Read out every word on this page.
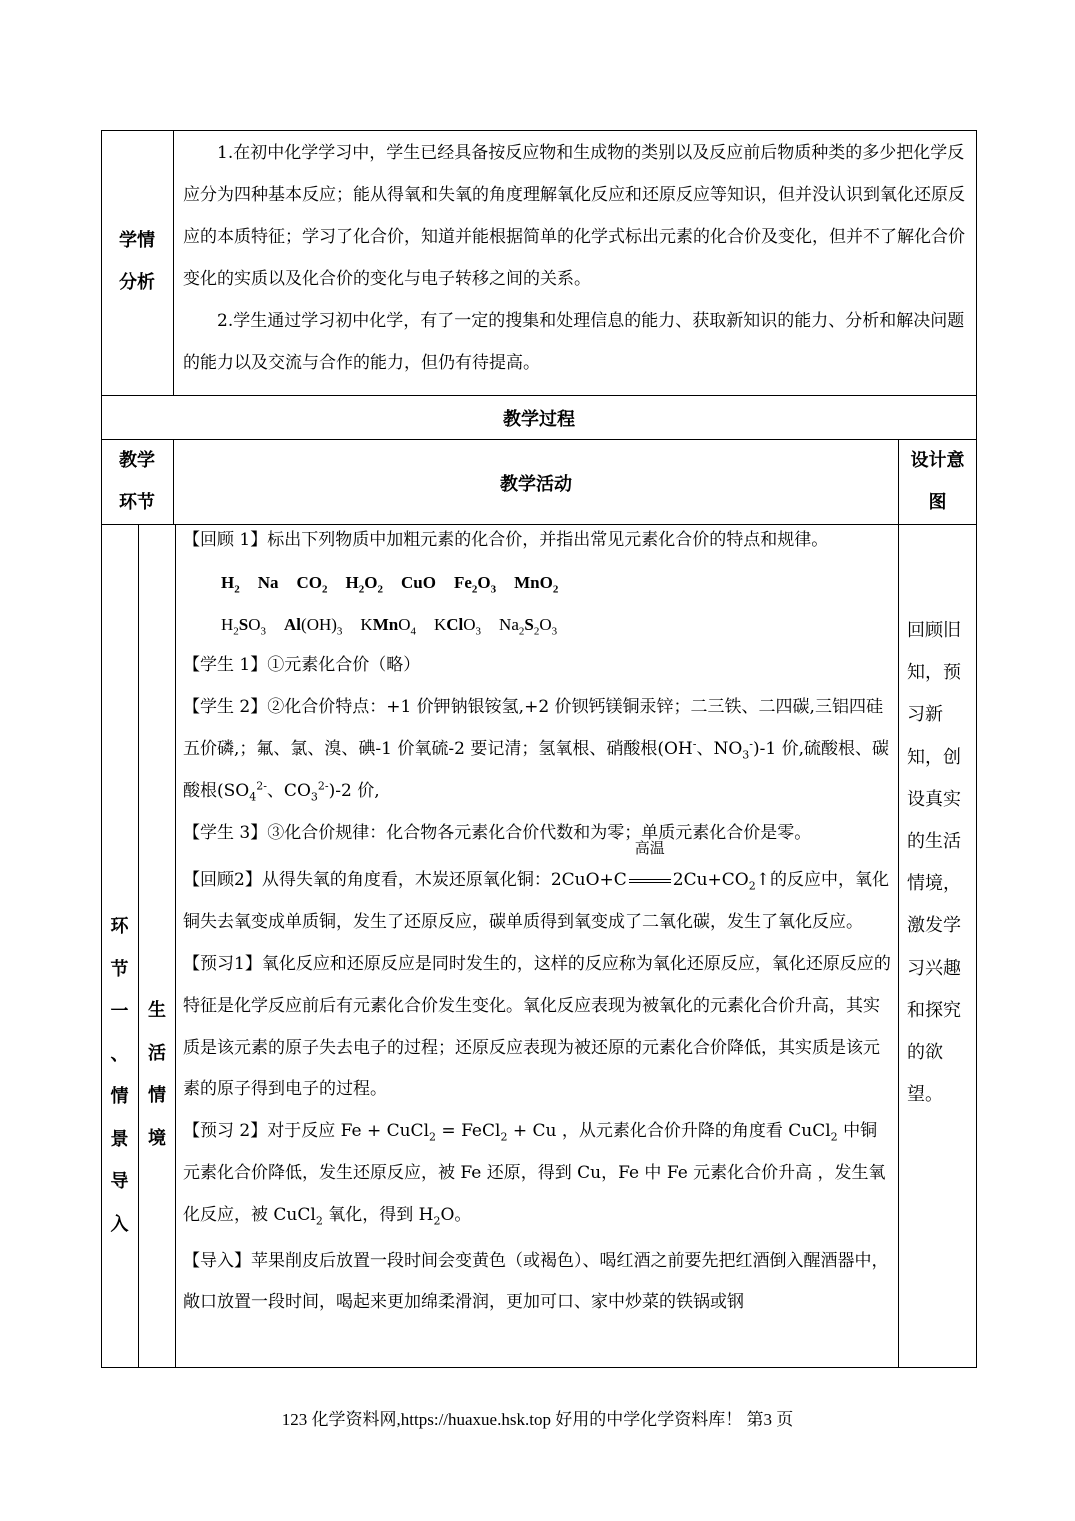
学情
分析

1.在初中化学学习中，学生已经具备按反应物和生成物的类别以及反应前后物质种类的多少把化学反应分为四种基本反应；能从得氧和失氧的角度理解氧化反应和还原反应等知识，但并没认识到氧化还原反应的本质特征；学习了化合价，知道并能根据简单的化学式标出元素的化合价及变化，但并不了解化合价变化的实质以及化合价的变化与电子转移之间的关系。

2.学生通过学习初中化学，有了一定的搜集和处理信息的能力、获取新知识的能力、分析和解决问题的能力以及交流与合作的能力，但仍有待提高。

教学过程
教学
环节
教学活动
设计意
图
环
节
一
、
情
景
导
入
生
活
情
境
回顾旧知，预习新知，创设真实的生活情境，激发学习兴趣和探究的欲望。

【回顾 1】标出下列物质中加粗元素的化合价，并指出常见元素化合价的特点和规律。

$H_2$ Na $CO_2$ $H_2O_2$ CuO $Fe_2O_3$ MnO$_2$

$H_2SO_3$ $Al(OH)_3$ KMnO$_4$ KClO$_3$ $Na_2S_2O_3$

【学生 1】①元素化合价（略）

【学生 2】②化合价特点：+1 价钾钠银铵氢,+2 价钡钙镁铜汞锌；二三铁、二四碳,三铝四硅五价磷,；氟、氯、溴、碘-1 价氧硫-2 要记清；氢氧根、硝酸根(OH-、$NO_3^-)-1$ 价,硫酸根、碳酸根($SO_4^{2-}$、$CO_3^{2-})-2$ 价,

【学生 3】③化合价规律：化合物各元素化合价代数和为零；单质元素化合价是零。

【回顾2】从得失氧的角度看，木炭还原氧化铜：2CuO+C
高温
$2Cu+CO_2↑$的反应中，氧化铜失去氧变成单质铜，发生了还原反应，碳单质得到氧变成了二氧化碳，发生了氧化反应。

【预习1】氧化反应和还原反应是同时发生的，这样的反应称为氧化还原反应，氧化还原反应的特征是化学反应前后有元素化合价发生变化。氧化反应表现为被氧化的元素化合价升高，其实质是该元素的原子失去电子的过程；还原反应表现为被还原的元素化合价降低，其实质是该元素的原子得到电子的过程。

【预习 2】对于反应 Fe + CuCl$_2$ = FeCl$_2$ + Cu ，从元素化合价升降的角度看 CuCl$_2$ 中铜元素化合价降低，发生还原反应，被 Fe 还原，得到 Cu，Fe 中 Fe 元素化合价升高 ，发生氧化反应，被 CuCl$_2$ 氧化，得到 $H_2O$。

【导入】苹果削皮后放置一段时间会变黄色（或褐色）、喝红酒之前要先把红酒倒入醒酒器中，敞口放置一段时间，喝起来更加绵柔滑润，更加可口、家中炒菜的铁锅或钢

123 化学资料网,https://huaxue.hsk.top 好用的中学化学资料库！ 第3 页
